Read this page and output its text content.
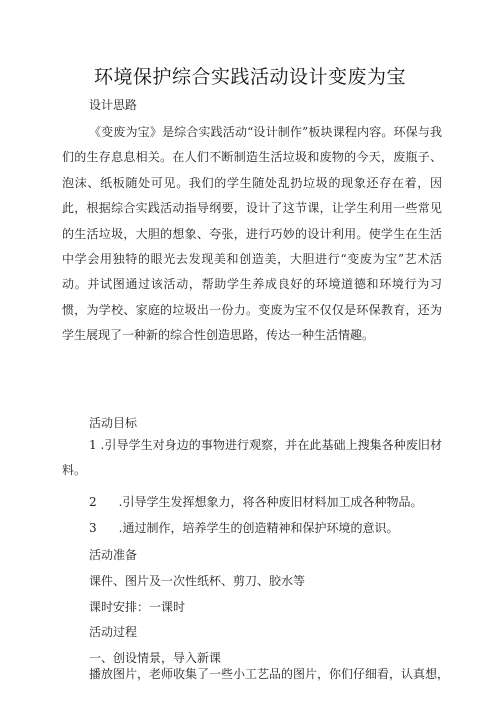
环境保护综合实践活动设计变废为宝
设计思路
《变废为宝》是综合实践活动“设计制作”板块课程内容。环保与我们的生存息息相关。在人们不断制造生活垃圾和废物的今天，废瓶子、泡沫、纸板随处可见。我们的学生随处乱扔垃圾的现象还存在着，因此，根据综合实践活动指导纲要，设计了这节课，让学生利用一些常见的生活垃圾，大胆的想象、夸张，进行巧妙的设计利用。使学生在生活中学会用独特的眼光去发现美和创造美，大胆进行“变废为宝”艺术活动。并试图通过该活动，帮助学生养成良好的环境道德和环境行为习惯，为学校、家庭的垃圾出一份力。变废为宝不仅仅是环保教育，还为学生展现了一种新的综合性创造思路，传达一种生活情趣。
活动目标
1 .引导学生对身边的事物进行观察，并在此基础上搜集各种废旧材料。
2 .引导学生发挥想象力，将各种废旧材料加工成各种物品。
3 .通过制作，培养学生的创造精神和保护环境的意识。
活动准备
课件、图片及一次性纸杯、剪刀、胶水等
课时安排：一课时
活动过程
一、创设情景，导入新课
播放图片，老师收集了一些小工艺品的图片，你们仔细看，认真想，
